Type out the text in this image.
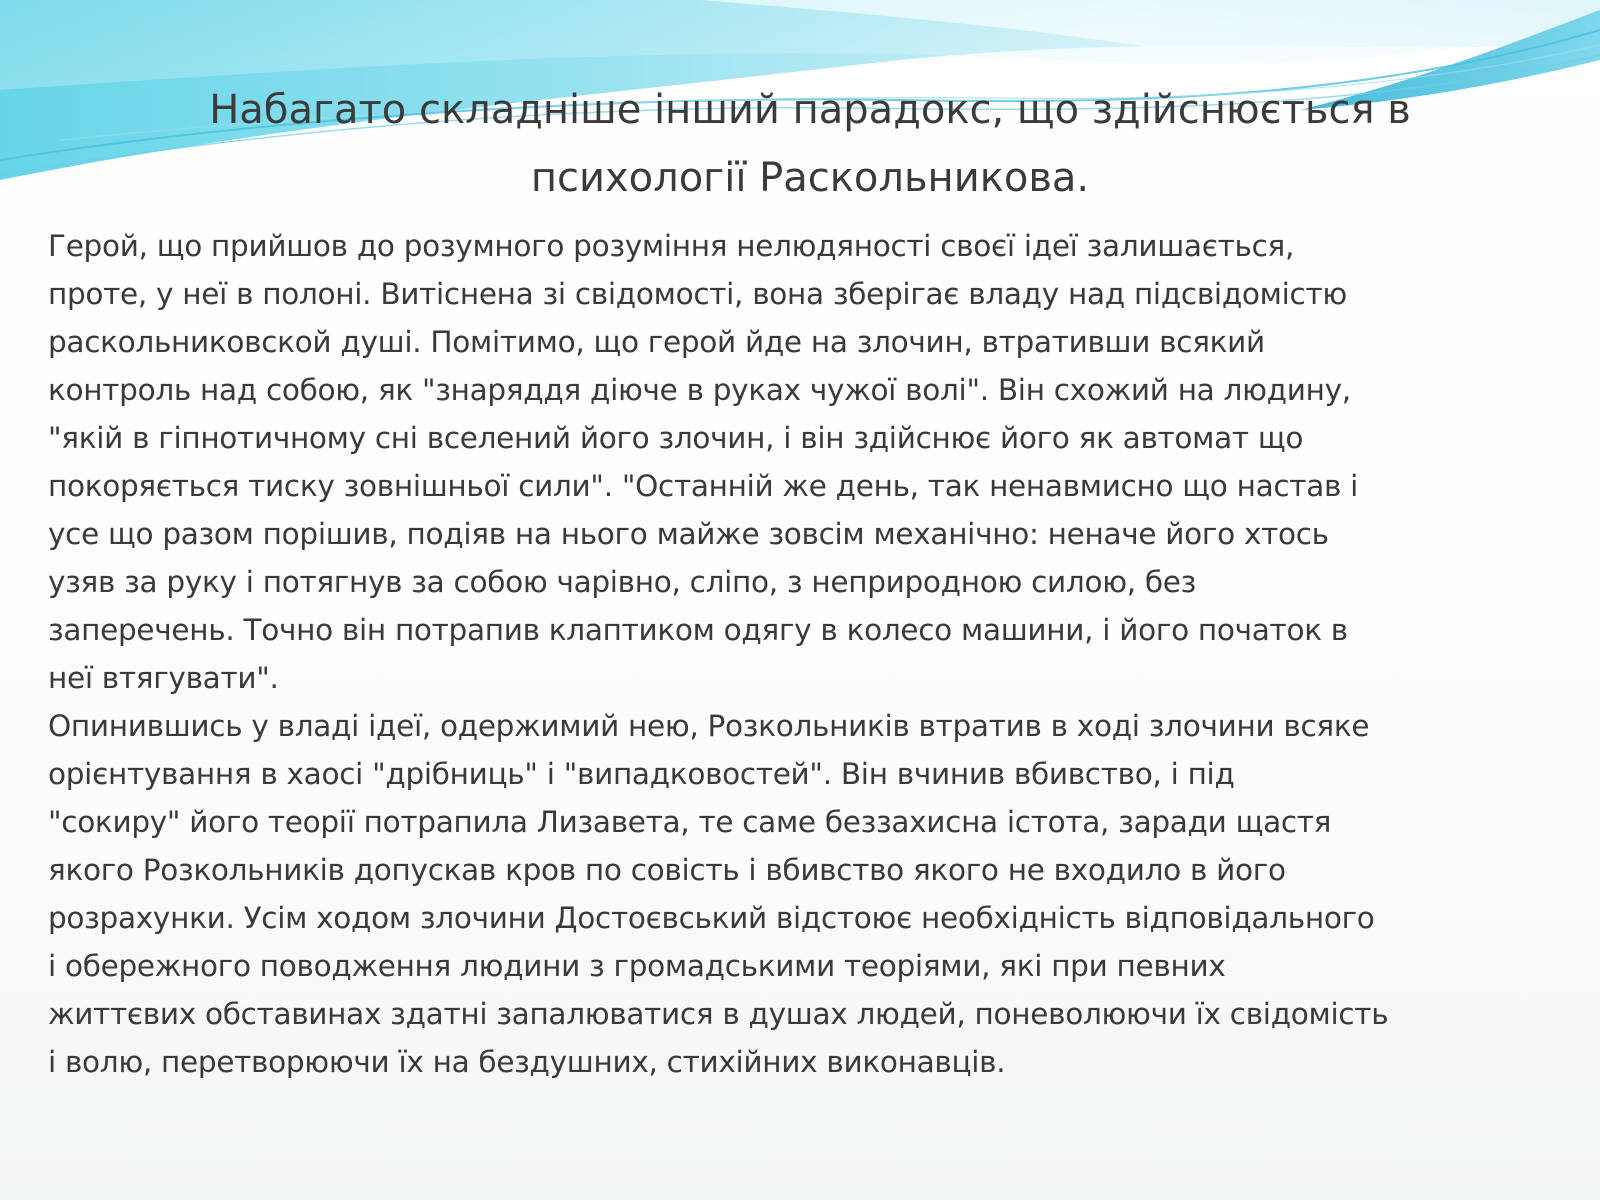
Набагато складніше інший парадокс, що здійснюється в психології Раскольникова.

Герой, що прийшов до розумного розуміння нелюдяності своєї ідеї залишається,
проте, у неї в полоні. Витіснена зі свідомості, вона зберігає владу над підсвідомістю
раскольниковской душі. Помітимо, що герой йде на злочин, втративши всякий
контроль над собою, як "знаряддя діюче в руках чужої волі". Він схожий на людину,
"якій в гіпнотичному сні вселений його злочин, і він здійснює його як автомат що
покоряється тиску зовнішньої сили". "Останній же день, так ненавмисно що настав і
усе що разом порішив, подіяв на нього майже зовсім механічно: неначе його хтось
узяв за руку і потягнув за собою чарівно, сліпо, з неприродною силою, без
заперечень. Точно він потрапив клаптиком одягу в колесо машини, і його початок в
неї втягувати".

Опинившись у владі ідеї, одержимий нею, Розкольників втратив в ході злочини всяке
орієнтування в хаосі "дрібниць" і "випадковостей". Він вчинив вбивство, і під
"сокиру" його теорії потрапила Лизавета, те саме беззахисна істота, заради щастя
якого Розкольників допускав кров по совість і вбивство якого не входило в його
розрахунки. Усім ходом злочини Достоєвський відстоює необхідність відповідального
і обережного поводження людини з громадськими теоріями, які при певних
життєвих обставинах здатні запалюватися в душах людей, поневолюючи їх свідомість
і волю, перетворюючи їх на бездушних, стихійних виконавців.
